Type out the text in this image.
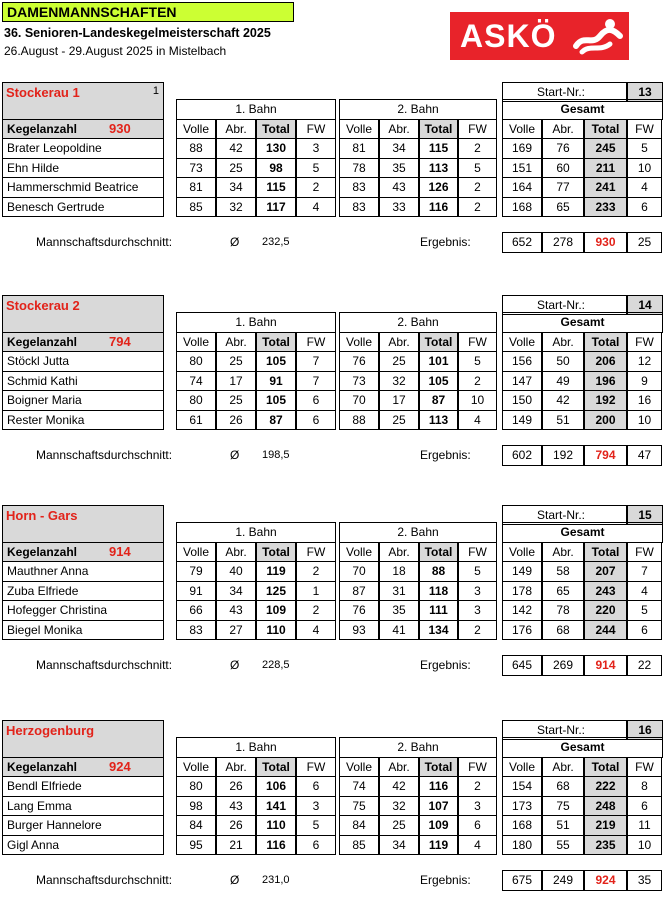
DAMENMANNSCHAFTEN
36. Senioren-Landeskegelmeisterschaft 2025
26.August - 29.August 2025 in Mistelbach	ASKÖ
Stockerau 1	1	Start-Nr.:	13
1. Bahn	2. Bahn	Gesamt
Kegelanzahl 930	Volle	Abr.	Total	FW	Volle	Abr.	Total	FW	Volle	Abr.	Total	FW
Brater Leopoldine	88	42	130	3	81	34	115	2	169	76	245	5
Ehn Hilde	73	25	98	5	78	35	113	5	151	60	211	10
Hammerschmid Beatrice	81	34	115	2	83	43	126	2	164	77	241	4
Benesch Gertrude	85	32	117	4	83	33	116	2	168	65	233	6
Mannschaftsdurchschnitt:	Ø 232,5	Ergebnis:	652	278	930	25
Stockerau 2	Start-Nr.:	14
1. Bahn	2. Bahn	Gesamt
Kegelanzahl 794	Volle	Abr.	Total	FW	Volle	Abr.	Total	FW	Volle	Abr.	Total	FW
Stöckl Jutta	80	25	105	7	76	25	101	5	156	50	206	12
Schmid Kathi	74	17	91	7	73	32	105	2	147	49	196	9
Boigner Maria	80	25	105	6	70	17	87	10	150	42	192	16
Rester Monika	61	26	87	6	88	25	113	4	149	51	200	10
Mannschaftsdurchschnitt:	Ø 198,5	Ergebnis:	602	192	794	47
Horn - Gars	Start-Nr.:	15
1. Bahn	2. Bahn	Gesamt
Kegelanzahl 914	Volle	Abr.	Total	FW	Volle	Abr.	Total	FW	Volle	Abr.	Total	FW
Mauthner Anna	79	40	119	2	70	18	88	5	149	58	207	7
Zuba Elfriede	91	34	125	1	87	31	118	3	178	65	243	4
Hofegger Christina	66	43	109	2	76	35	111	3	142	78	220	5
Biegel Monika	83	27	110	4	93	41	134	2	176	68	244	6
Mannschaftsdurchschnitt:	Ø 228,5	Ergebnis:	645	269	914	22
Herzogenburg	Start-Nr.:	16
1. Bahn	2. Bahn	Gesamt
Kegelanzahl 924	Volle	Abr.	Total	FW	Volle	Abr.	Total	FW	Volle	Abr.	Total	FW
Bendl Elfriede	80	26	106	6	74	42	116	2	154	68	222	8
Lang Emma	98	43	141	3	75	32	107	3	173	75	248	6
Burger Hannelore	84	26	110	5	84	25	109	6	168	51	219	11
Gigl Anna	95	21	116	6	85	34	119	4	180	55	235	10
Mannschaftsdurchschnitt:	Ø 231,0	Ergebnis:	675	249	924	35
